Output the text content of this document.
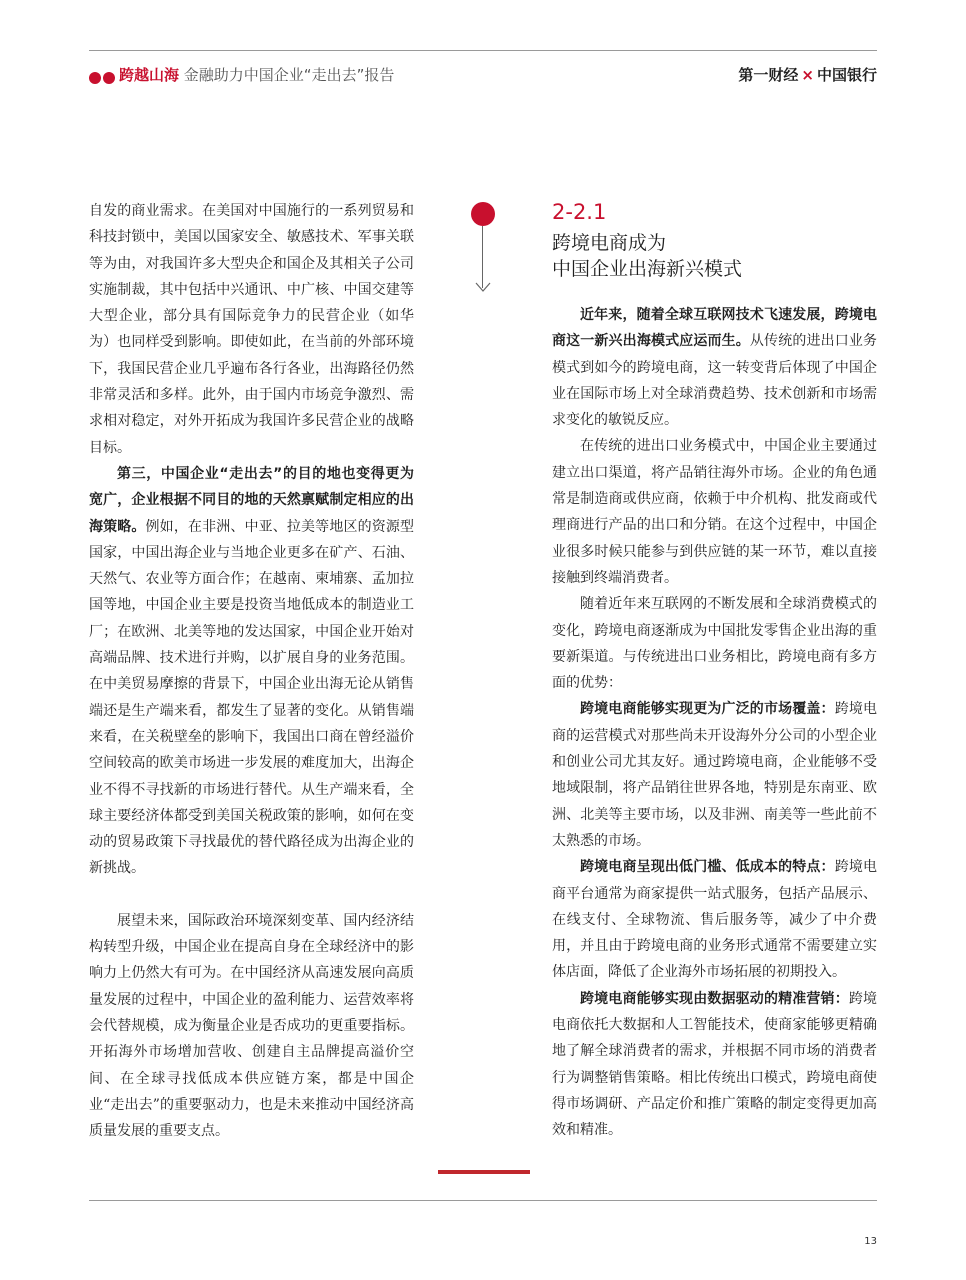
跨越山海 金融助力中国企业“走出去”报告	第一财经 × 中国银行

自发的商业需求。在美国对中国施行的一系列贸易和科技封锁中，美国以国家安全、敏感技术、军事关联等为由，对我国许多大型央企和国企及其相关子公司实施制裁，其中包括中兴通讯、中广核、中国交建等大型企业，部分具有国际竞争力的民营企业（如华为）也同样受到影响。即使如此，在当前的外部环境下，我国民营企业几乎遍布各行各业，出海路径仍然非常灵活和多样。此外，由于国内市场竞争激烈、需求相对稳定，对外开拓成为我国许多民营企业的战略目标。

第三，中国企业“走出去”的目的地也变得更为宽广，企业根据不同目的地的天然禀赋制定相应的出海策略。例如，在非洲、中亚、拉美等地区的资源型国家，中国出海企业与当地企业更多在矿产、石油、天然气、农业等方面合作；在越南、柬埔寨、孟加拉国等地，中国企业主要是投资当地低成本的制造业工厂；在欧洲、北美等地的发达国家，中国企业开始对高端品牌、技术进行并购，以扩展自身的业务范围。在中美贸易摩擦的背景下，中国企业出海无论从销售端还是生产端来看，都发生了显著的变化。从销售端来看，在关税壁垒的影响下，我国出口商在曾经溢价空间较高的欧美市场进一步发展的难度加大，出海企业不得不寻找新的市场进行替代。从生产端来看，全球主要经济体都受到美国关税政策的影响，如何在变动的贸易政策下寻找最优的替代路径成为出海企业的新挑战。

展望未来，国际政治环境深刻变革、国内经济结构转型升级，中国企业在提高自身在全球经济中的影响力上仍然大有可为。在中国经济从高速发展向高质量发展的过程中，中国企业的盈利能力、运营效率将会代替规模，成为衡量企业是否成功的更重要指标。开拓海外市场增加营收、创建自主品牌提高溢价空间、在全球寻找低成本供应链方案，都是中国企业“走出去”的重要驱动力，也是未来推动中国经济高质量发展的重要支点。

2-2.1
跨境电商成为
中国企业出海新兴模式

近年来，随着全球互联网技术飞速发展，跨境电商这一新兴出海模式应运而生。从传统的进出口业务模式到如今的跨境电商，这一转变背后体现了中国企业在国际市场上对全球消费趋势、技术创新和市场需求变化的敏锐反应。

在传统的进出口业务模式中，中国企业主要通过建立出口渠道，将产品销往海外市场。企业的角色通常是制造商或供应商，依赖于中介机构、批发商或代理商进行产品的出口和分销。在这个过程中，中国企业很多时候只能参与到供应链的某一环节，难以直接接触到终端消费者。

随着近年来互联网的不断发展和全球消费模式的变化，跨境电商逐渐成为中国批发零售企业出海的重要新渠道。与传统进出口业务相比，跨境电商有多方面的优势：

跨境电商能够实现更为广泛的市场覆盖：跨境电商的运营模式对那些尚未开设海外分公司的小型企业和创业公司尤其友好。通过跨境电商，企业能够不受地域限制，将产品销往世界各地，特别是东南亚、欧洲、北美等主要市场，以及非洲、南美等一些此前不太熟悉的市场。

跨境电商呈现出低门槛、低成本的特点：跨境电商平台通常为商家提供一站式服务，包括产品展示、在线支付、全球物流、售后服务等，减少了中介费用，并且由于跨境电商的业务形式通常不需要建立实体店面，降低了企业海外市场拓展的初期投入。

跨境电商能够实现由数据驱动的精准营销：跨境电商依托大数据和人工智能技术，使商家能够更精确地了解全球消费者的需求，并根据不同市场的消费者行为调整销售策略。相比传统出口模式，跨境电商使得市场调研、产品定价和推广策略的制定变得更加高效和精准。

13
